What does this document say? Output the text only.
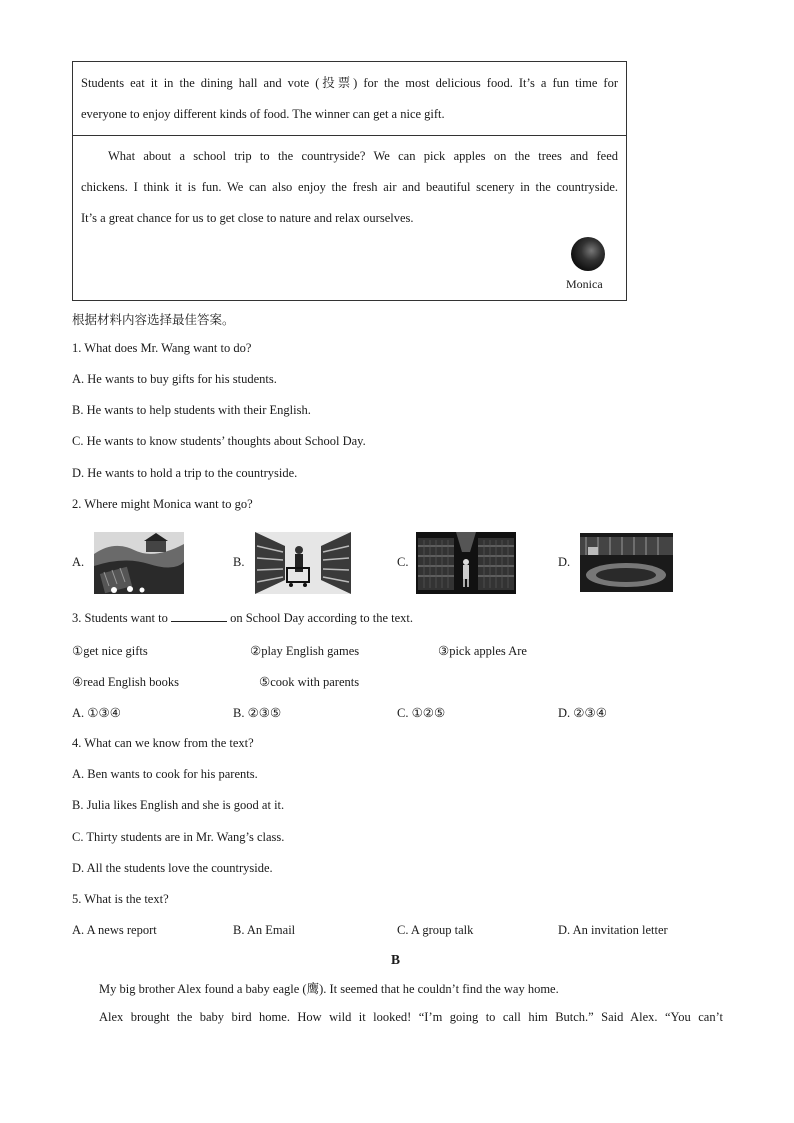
Students eat it in the dining hall and vote (投票) for the most delicious food. It’s a fun time for
everyone to enjoy different kinds of food. The winner can get a nice gift.
What about a school trip to the countryside? We can pick apples on the trees and feed
chickens. I think it is fun. We can also enjoy the fresh air and beautiful scenery in the countryside.
It’s a great chance for us to get close to nature and relax ourselves.
Monica
根据材料内容选择最佳答案。
1. What does Mr. Wang want to do?
A. He wants to buy gifts for his students.
B. He wants to help students with their English.
C. He wants to know students’ thoughts about School Day.
D. He wants to hold a trip to the countryside.
2. Where might Monica want to go?
A.	B.	C.	D.
3. Students want to	on School Day according to the text.
①get nice gifts	②play English games	③pick apples Are
④read English books	⑤cook with parents
A. ①③④	B. ②③⑤	C. ①②⑤	D. ②③④
4. What can we know from the text?
A. Ben wants to cook for his parents.
B. Julia likes English and she is good at it.
C. Thirty students are in Mr. Wang’s class.
D. All the students love the countryside.
5. What is the text?
A. A news report	B. An Email	C. A group talk	D. An invitation letter
B
My big brother Alex found a baby eagle (鹰). It seemed that he couldn’t find the way home.
Alex brought the baby bird home. How wild it looked! “I’m going to call him Butch.” Said Alex. “You can’t
